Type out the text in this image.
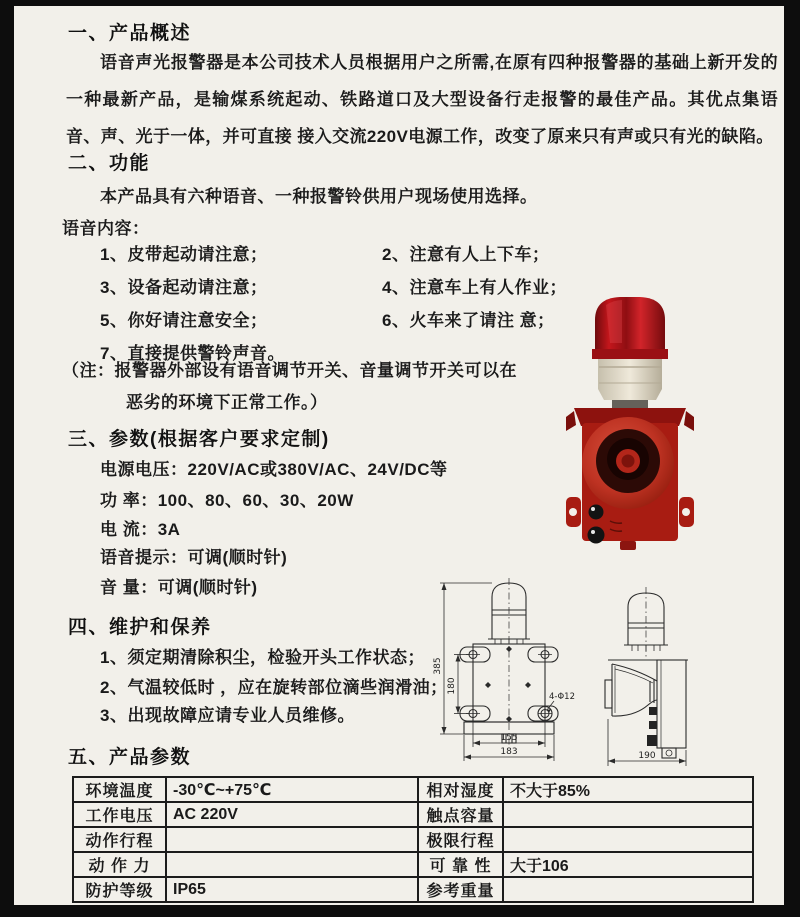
一、产品概述
语音声光报警器是本公司技术人员根据用户之所需,在原有四种报警器的基础上新开发的一种最新产品，是输煤系统起动、铁路道口及大型设备行走报警的最佳产品。其优点集语音、声、光于一体，并可直接 接入交流220V电源工作，改变了原来只有声或只有光的缺陷。
二、功能
本产品具有六种语音、一种报警铃供用户现场使用选择。
语音内容：
1、皮带起动请注意；	2、注意有人上下车；
3、设备起动请注意；	4、注意车上有人作业；
5、你好请注意安全；	6、火车来了请注 意；
7、直接提供警铃声音。
（注：报警器外部设有语音调节开关、音量调节开关可以在
恶劣的环境下正常工作。）
三、参数(根据客户要求定制)
电源电压：220V/AC或380V/AC、24V/DC等
功 率：100、80、60、30、20W
电 流：3A
语音提示：可调(顺时针)
音 量：可调(顺时针)
四、维护和保养
1、须定期清除积尘，检验开头工作状态；
2、气温较低时 ，应在旋转部位滴些润滑油；
3、出现故障应请专业人员维修。
五、产品参数
环境温度	-30℃~+75℃	相对湿度	不大于85%
工作电压	AC 220V	触点容量	
动作行程		极限行程	
动 作 力		可 靠 性	大于106
防护等级	IP65	参考重量	
385
180
155
183
4-Φ12
190
